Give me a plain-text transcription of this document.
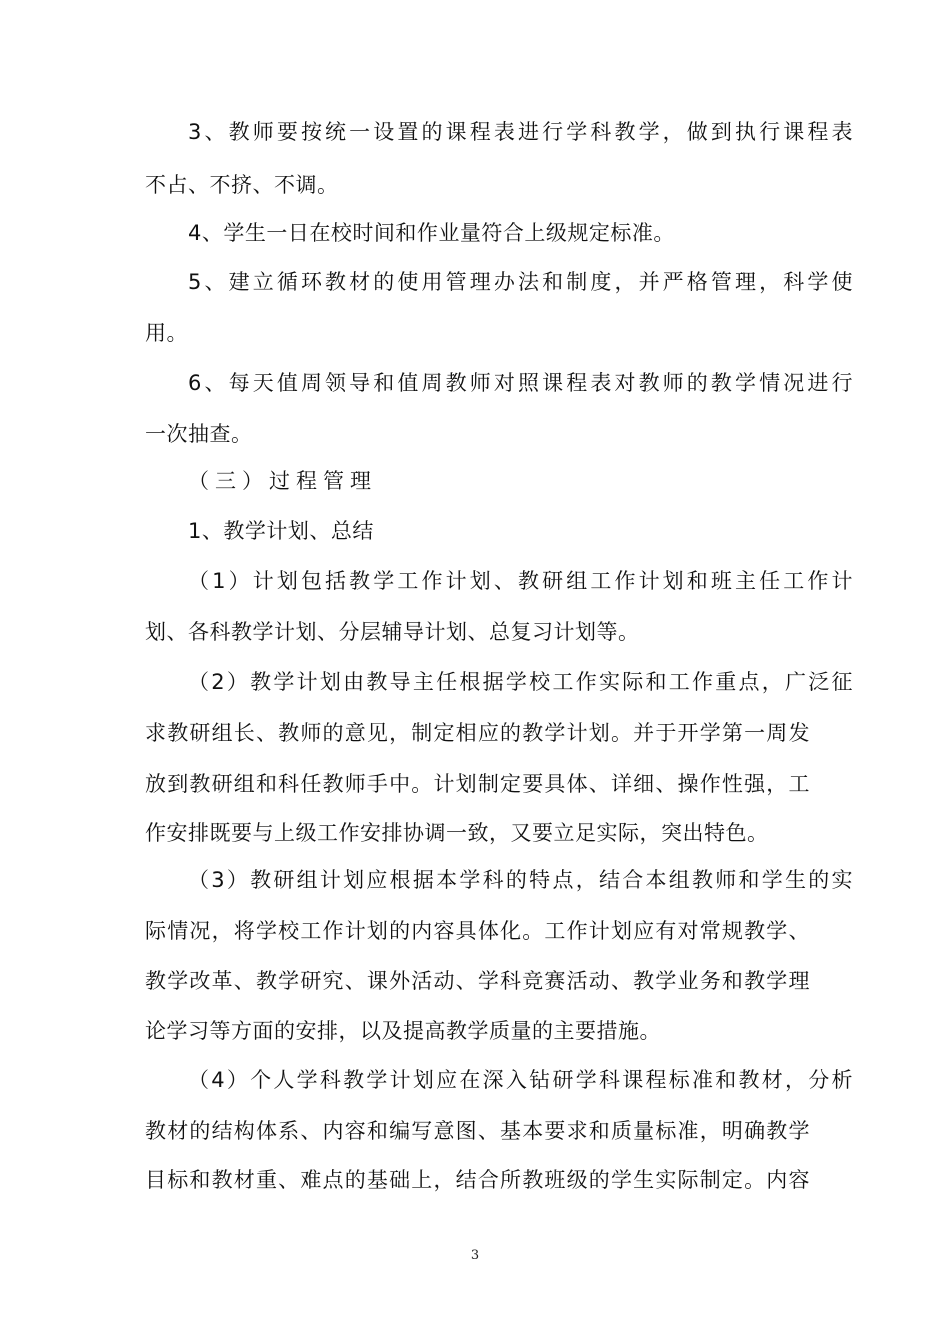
3、教师要按统一设置的课程表进行学科教学，做到执行课程表
不占、不挤、不调。
4、学生一日在校时间和作业量符合上级规定标准。
5、建立循环教材的使用管理办法和制度，并严格管理，科学使
用。
6、每天值周领导和值周教师对照课程表对教师的教学情况进行
一次抽查。
（三）过程管理
1、教学计划、总结
（1）计划包括教学工作计划、教研组工作计划和班主任工作计
划、各科教学计划、分层辅导计划、总复习计划等。
（2）教学计划由教导主任根据学校工作实际和工作重点，广泛征
求教研组长、教师的意见，制定相应的教学计划。并于开学第一周发
放到教研组和科任教师手中。计划制定要具体、详细、操作性强，工
作安排既要与上级工作安排协调一致，又要立足实际，突出特色。
（3）教研组计划应根据本学科的特点，结合本组教师和学生的实
际情况，将学校工作计划的内容具体化。工作计划应有对常规教学、
教学改革、教学研究、课外活动、学科竞赛活动、教学业务和教学理
论学习等方面的安排，以及提高教学质量的主要措施。
（4）个人学科教学计划应在深入钻研学科课程标准和教材，分析
教材的结构体系、内容和编写意图、基本要求和质量标准，明确教学
目标和教材重、难点的基础上，结合所教班级的学生实际制定。内容
3
